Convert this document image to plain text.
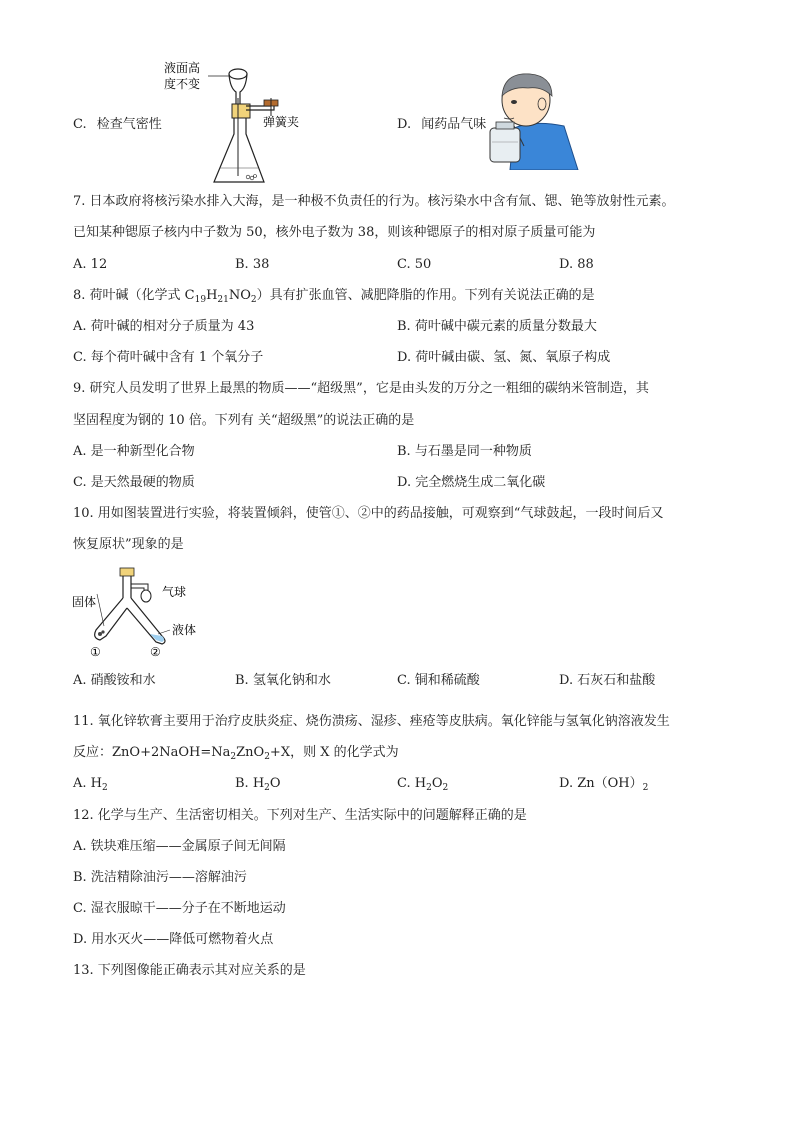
C. 检查气密性
液面高
度不变
弹簧夹	D. 闻药品气味
7. 日本政府将核污染水排入大海，是一种极不负责任的行为。核污染水中含有氚、锶、铯等放射性元素。
已知某种锶原子核内中子数为 50，核外电子数为 38，则该种锶原子的相对原子质量可能为
A. 12	B. 38	C. 50	D. 88
8. 荷叶碱（化学式 $C_{19}H_{21}NO_2$）具有扩张血管、减肥降脂的作用。下列有关说法正确的是
A. 荷叶碱的相对分子质量为 43	B. 荷叶碱中碳元素的质量分数最大
C. 每个荷叶碱中含有 1 个氧分子	D. 荷叶碱由碳、氢、氮、氧原子构成
9. 研究人员发明了世界上最黑的物质——“超级黑”，它是由头发的万分之一粗细的碳纳米管制造，其
坚固程度为钢的 10 倍。下列有 关“超级黑”的说法正确的是
A. 是一种新型化合物	B. 与石墨是同一种物质
C. 是天然最硬的物质	D. 完全燃烧生成二氧化碳
10. 用如图装置进行实验，将装置倾斜，使管①、②中的药品接触，可观察到“气球鼓起，一段时间后又
恢复原状”现象的是
固体
气球
液体
①	②
A. 硝酸铵和水	B. 氢氧化钠和水	C. 铜和稀硫酸	D. 石灰石和盐酸
11. 氧化锌软膏主要用于治疗皮肤炎症、烧伤溃疡、湿疹、痤疮等皮肤病。氧化锌能与氢氧化钠溶液发生
反应：$ZnO+2NaOH=Na_2ZnO_2+X$，则 X 的化学式为
A. $H_2$	B. $H_2O$	C. $H_2O_2$	D. $Zn(OH)_2$
12. 化学与生产、生活密切相关。下列对生产、生活实际中的问题解释正确的是
A. 铁块难压缩——金属原子间无间隔
B. 洗洁精除油污——溶解油污
C. 湿衣服晾干——分子在不断地运动
D. 用水灭火——降低可燃物着火点
13. 下列图像能正确表示其对应关系的是
